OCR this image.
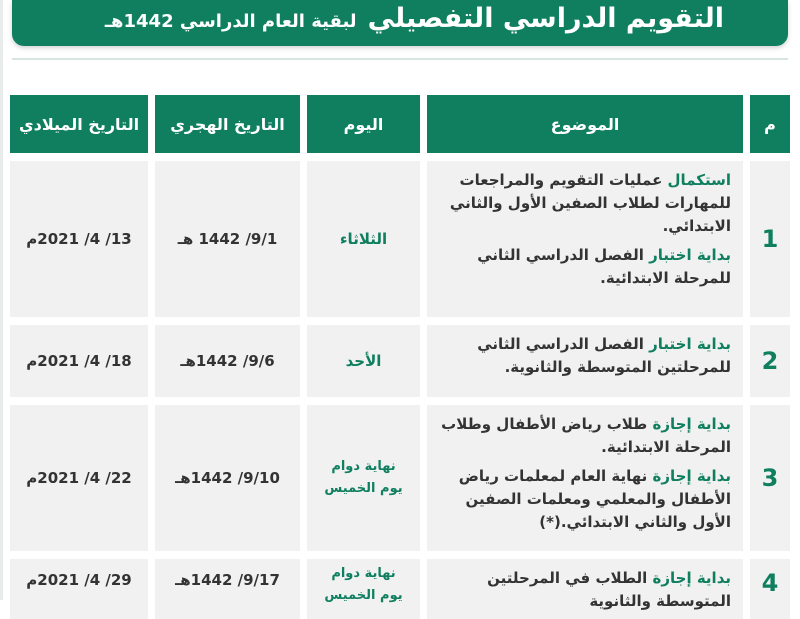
التقويم الدراسي التفصيلي لبقية العام الدراسي 1442هـ
م
الموضوع
اليوم
التاريخ الهجري
التاريخ الميلادي
1

استكمال عمليات التقويم والمراجعات للمهارات لطلاب الصفين الأول والثاني الابتدائي.

بداية اختبار الفصل الدراسي الثاني للمرحلة الابتدائية.

الثلاثاء
9/1/ 1442 هـ
13/ 4/ 2021م
2

بداية اختبار الفصل الدراسي الثاني للمرحلتين المتوسطة والثانوية.

الأحد
9/6/ 1442هـ
18/ 4/ 2021م
3

بداية إجازة طلاب رياض الأطفال وطلاب المرحلة الابتدائية.

بداية إجازة نهاية العام لمعلمات رياض الأطفال والمعلمي ومعلمات الصفين الأول والثاني الابتدائي.(*)

نهاية دوام
يوم الخميس
9/10/ 1442هـ
22/ 4/ 2021م
4

بداية إجازة الطلاب في المرحلتين المتوسطة والثانوية

نهاية دوام
يوم الخميس
9/17/ 1442هـ
29/ 4/ 2021م
